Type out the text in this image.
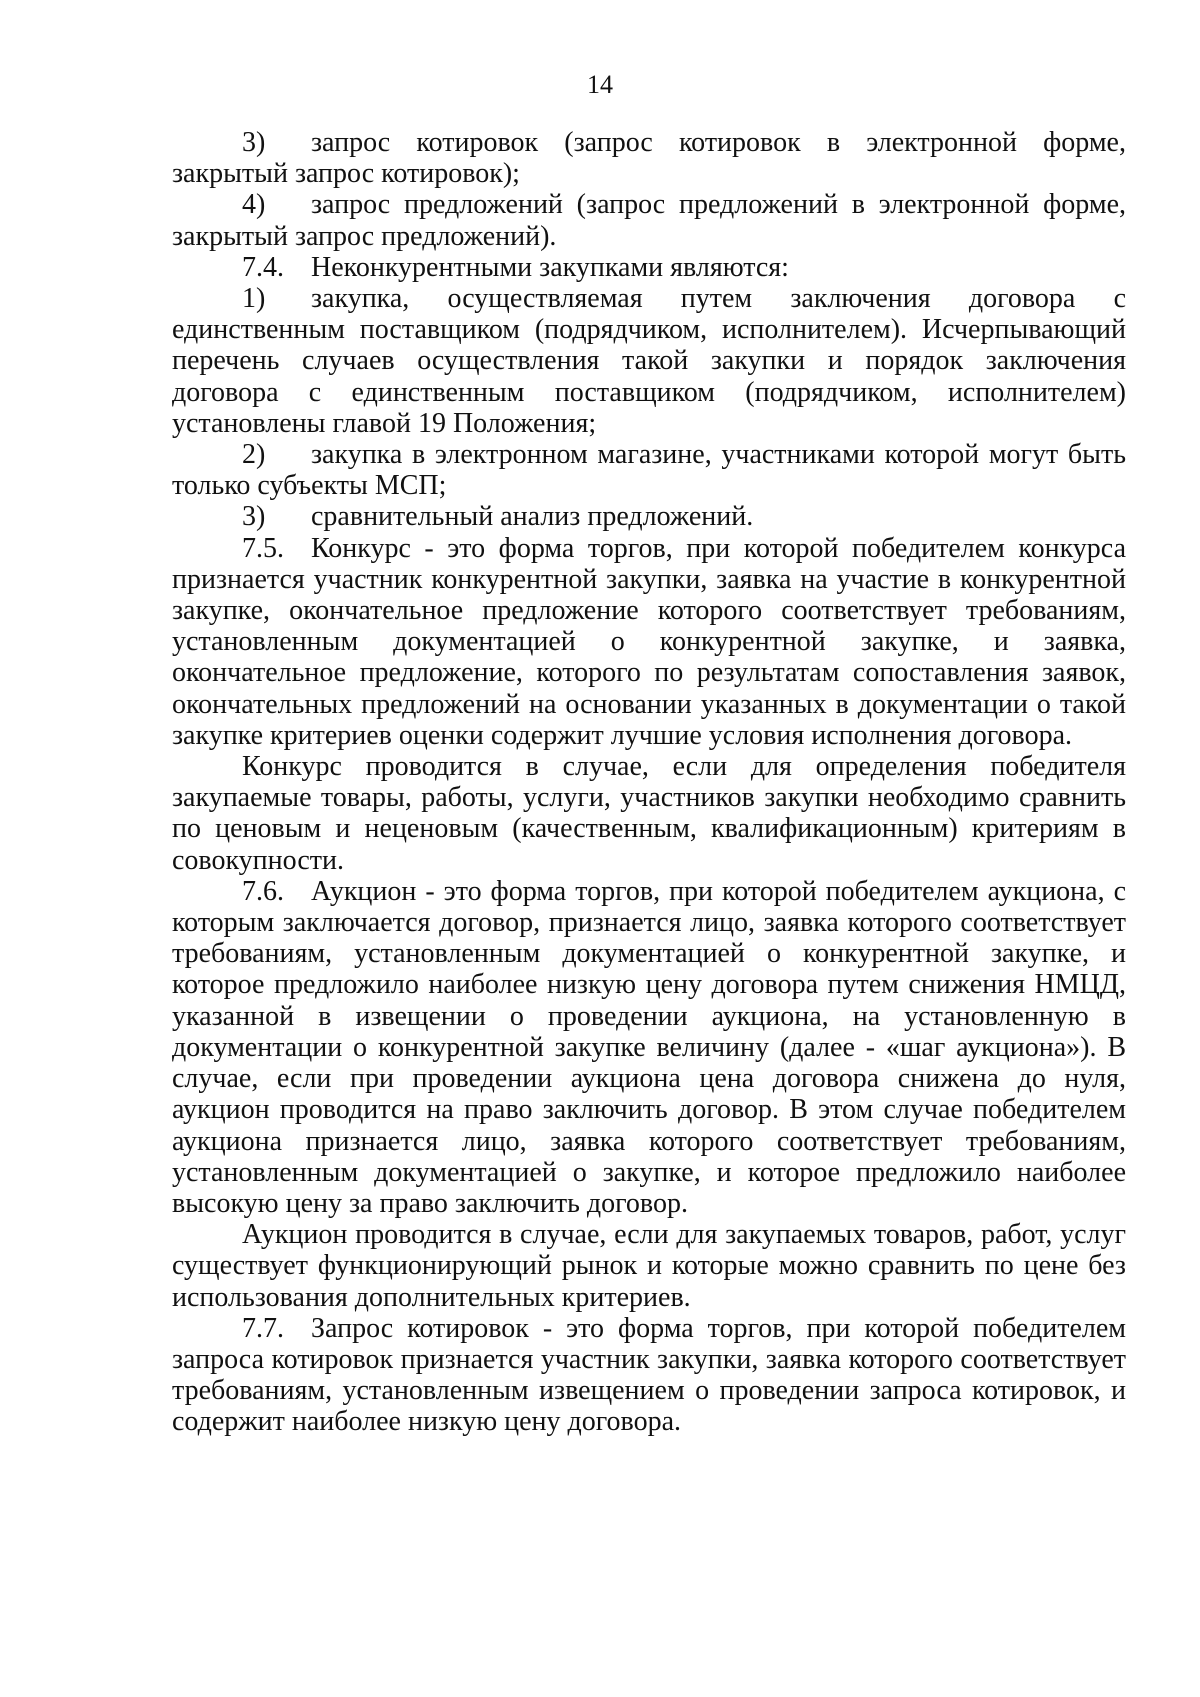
14

3) запрос котировок (запрос котировок в электронной форме, закрытый запрос котировок);

4) запрос предложений (запрос предложений в электронной форме, закрытый запрос предложений).

7.4. Неконкурентными закупками являются:

1) закупка, осуществляемая путем заключения договора с единственным поставщиком (подрядчиком, исполнителем). Исчерпывающий перечень случаев осуществления такой закупки и порядок заключения договора с единственным поставщиком (подрядчиком, исполнителем) установлены главой 19 Положения;

2) закупка в электронном магазине, участниками которой могут быть только субъекты МСП;

3) сравнительный анализ предложений.

7.5. Конкурс - это форма торгов, при которой победителем конкурса признается участник конкурентной закупки, заявка на участие в конкурентной закупке, окончательное предложение которого соответствует требованиям, установленным документацией о конкурентной закупке, и заявка, окончательное предложение, которого по результатам сопоставления заявок, окончательных предложений на основании указанных в документации о такой закупке критериев оценки содержит лучшие условия исполнения договора.

Конкурс проводится в случае, если для определения победителя закупаемые товары, работы, услуги, участников закупки необходимо сравнить по ценовым и неценовым (качественным, квалификационным) критериям в совокупности.

7.6. Аукцион - это форма торгов, при которой победителем аукциона, с которым заключается договор, признается лицо, заявка которого соответствует требованиям, установленным документацией о конкурентной закупке, и которое предложило наиболее низкую цену договора путем снижения НМЦД, указанной в извещении о проведении аукциона, на установленную в документации о конкурентной закупке величину (далее - «шаг аукциона»). В случае, если при проведении аукциона цена договора снижена до нуля, аукцион проводится на право заключить договор. В этом случае победителем аукциона признается лицо, заявка которого соответствует требованиям, установленным документацией о закупке, и которое предложило наиболее высокую цену за право заключить договор.

Аукцион проводится в случае, если для закупаемых товаров, работ, услуг существует функционирующий рынок и которые можно сравнить по цене без использования дополнительных критериев.

7.7. Запрос котировок - это форма торгов, при которой победителем запроса котировок признается участник закупки, заявка которого соответствует требованиям, установленным извещением о проведении запроса котировок, и содержит наиболее низкую цену договора.
